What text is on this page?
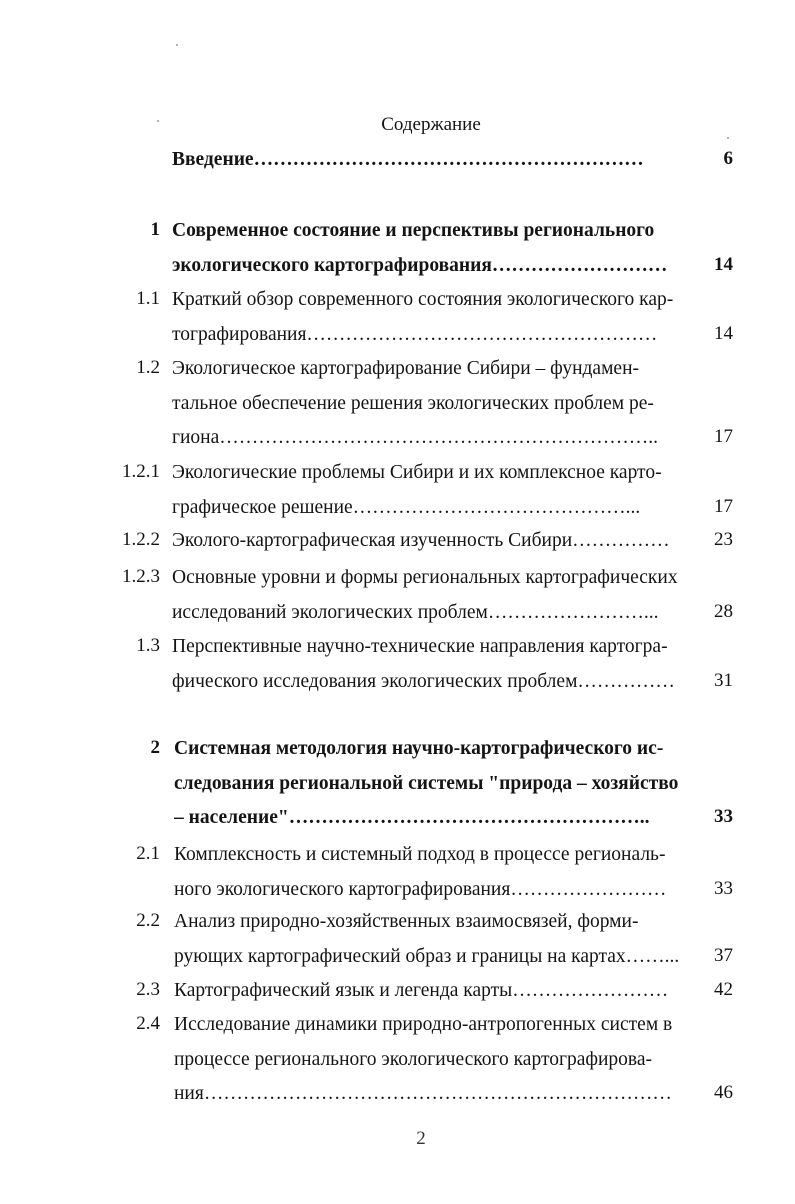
Содержание
Введение……………………………………………………	6
1 Современное состояние и перспективы регионального
экологического картографирования………………………	14
1.1 Краткий обзор современного состояния экологического кар-
тографирования………………………………………………	14
1.2 Экологическое картографирование Сибири – фундамен-
тальное обеспечение решения экологических проблем ре-
гиона…………………………………………………………..	17
1.2.1 Экологические проблемы Сибири и их комплексное карто-
графическое решение……………………………………...	17
1.2.2 Эколого-картографическая изученность Сибири……………	23
1.2.3 Основные уровни и формы региональных картографических
исследований экологических проблем……………………...	28
1.3 Перспективные научно-технические направления картогра-
фического исследования экологических проблем……………	31
2 Системная методология научно-картографического ис-
следования региональной системы "природа – хозяйство
– население"………………………………………………..	33
2.1 Комплексность и системный подход в процессе региональ-
ного экологического картографирования……………………	33
2.2 Анализ природно-хозяйственных взаимосвязей, форми-
рующих картографический образ и границы на картах……...	37
2.3 Картографический язык и легенда карты……………………	42
2.4 Исследование динамики природно-антропогенных систем в
процессе регионального экологического картографирова-
ния………………………………………………………………	46
2
